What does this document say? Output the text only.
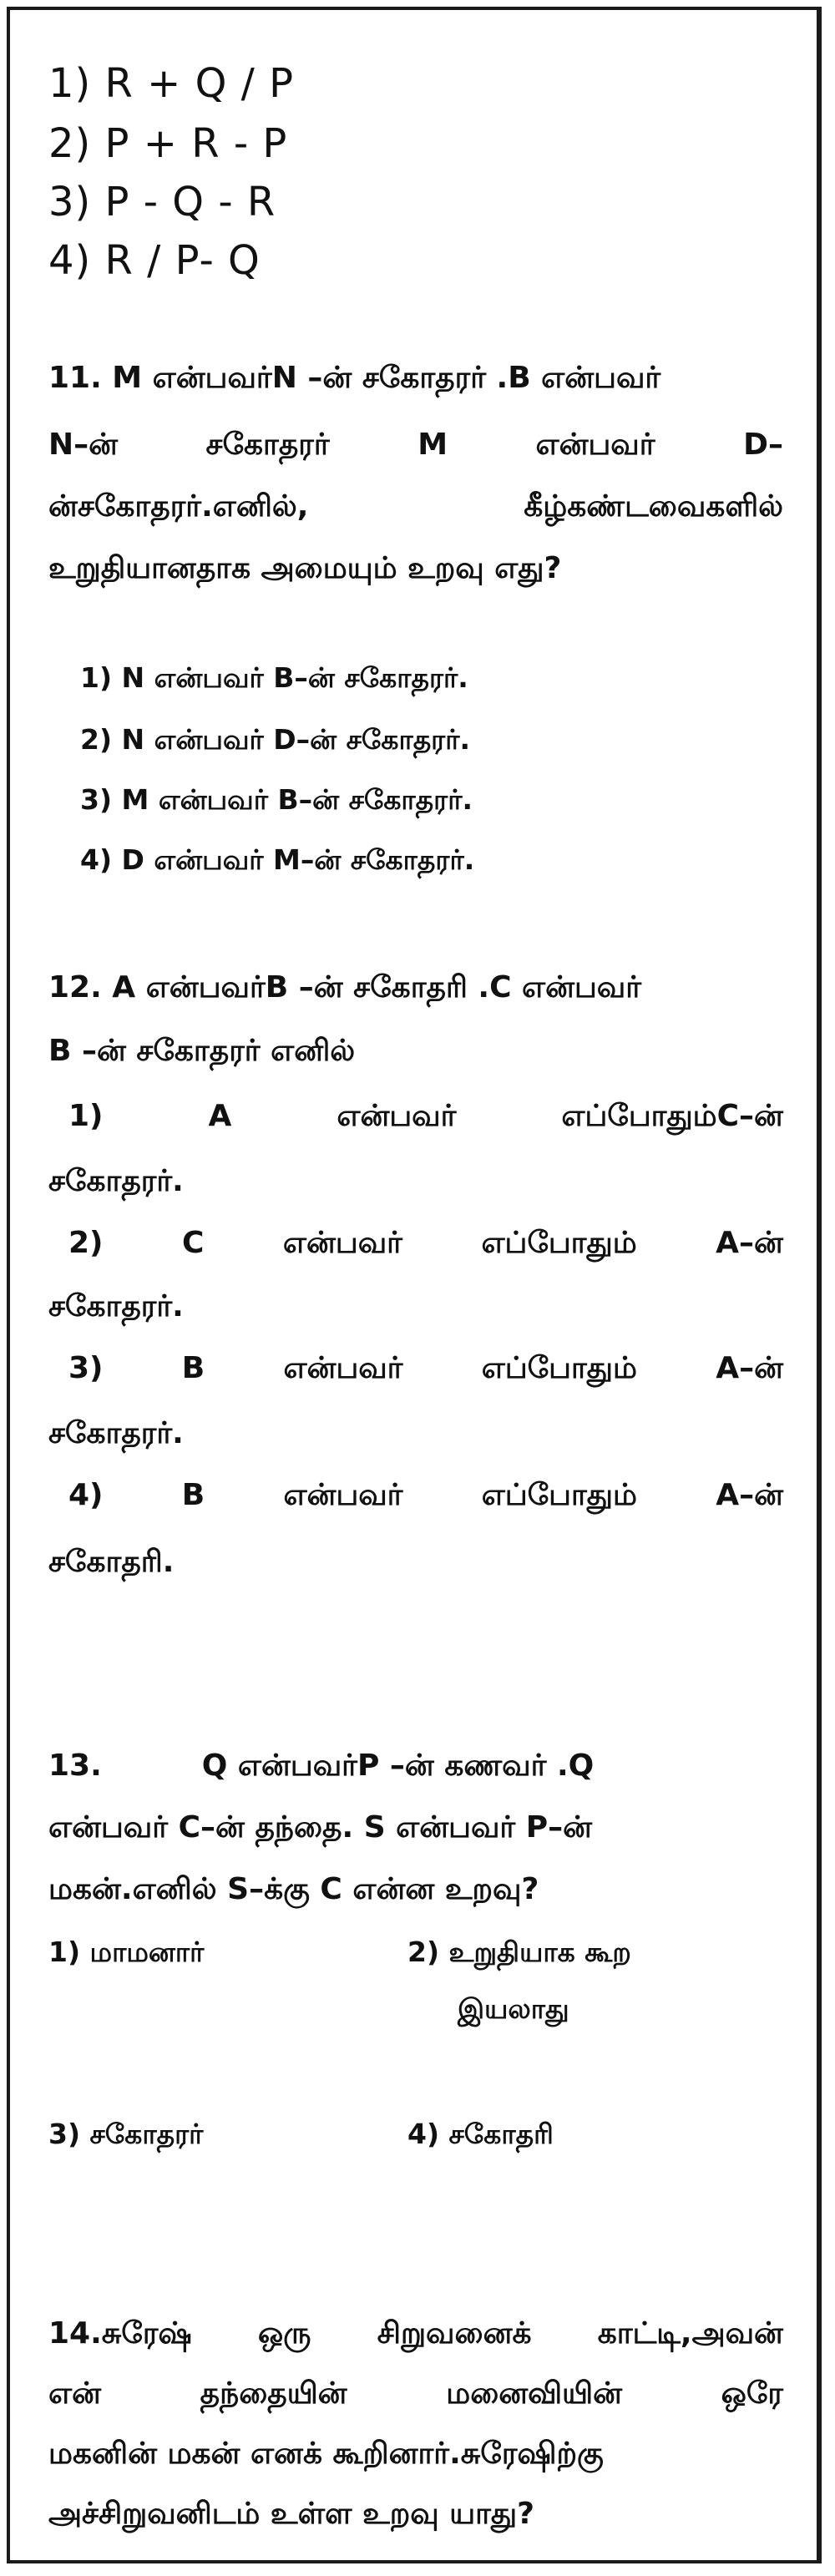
1) R + Q / P
2) P + R - P
3) P - Q - R
4) R / P- Q
11. M என்பவர்N –ன் சகோதரர் .B என்பவர்
N–ன்	சகோதரர்	M	என்பவர்	D–
ன்சகோதரர்.எனில்,	கீழ்கண்டவைகளில்
உறுதியானதாக அமையும் உறவு எது?
1) N என்பவர் B–ன் சகோதரர்.
2) N என்பவர் D–ன் சகோதரர்.
3) M என்பவர் B–ன் சகோதரர்.
4) D என்பவர் M–ன் சகோதரர்.
12. A என்பவர்B –ன் சகோதரி .C என்பவர்
B –ன் சகோதரர் எனில்
1)	A	என்பவர்	எப்போதும்C–ன்
சகோதரர்.
2)	C	என்பவர்	எப்போதும்	A–ன்
சகோதரர்.
3)	B	என்பவர்	எப்போதும்	A–ன்
சகோதரர்.
4)	B	என்பவர்	எப்போதும்	A–ன்
சகோதரி.
13.	Q என்பவர்P –ன் கணவர் .Q
என்பவர் C–ன் தந்தை. S என்பவர் P–ன்
மகன்.எனில் S–க்கு C என்ன உறவு?
1) மாமனார்	2) உறுதியாக கூற
இயலாது
3) சகோதரர்	4) சகோதரி
14.சுரேஷ் ஒரு சிறுவனைக் காட்டி,அவன்
என்	தந்தையின்	மனைவியின்	ஒரே
மகனின் மகன் எனக் கூறினார்.சுரேஷிற்கு
அச்சிறுவனிடம் உள்ள உறவு யாது?
